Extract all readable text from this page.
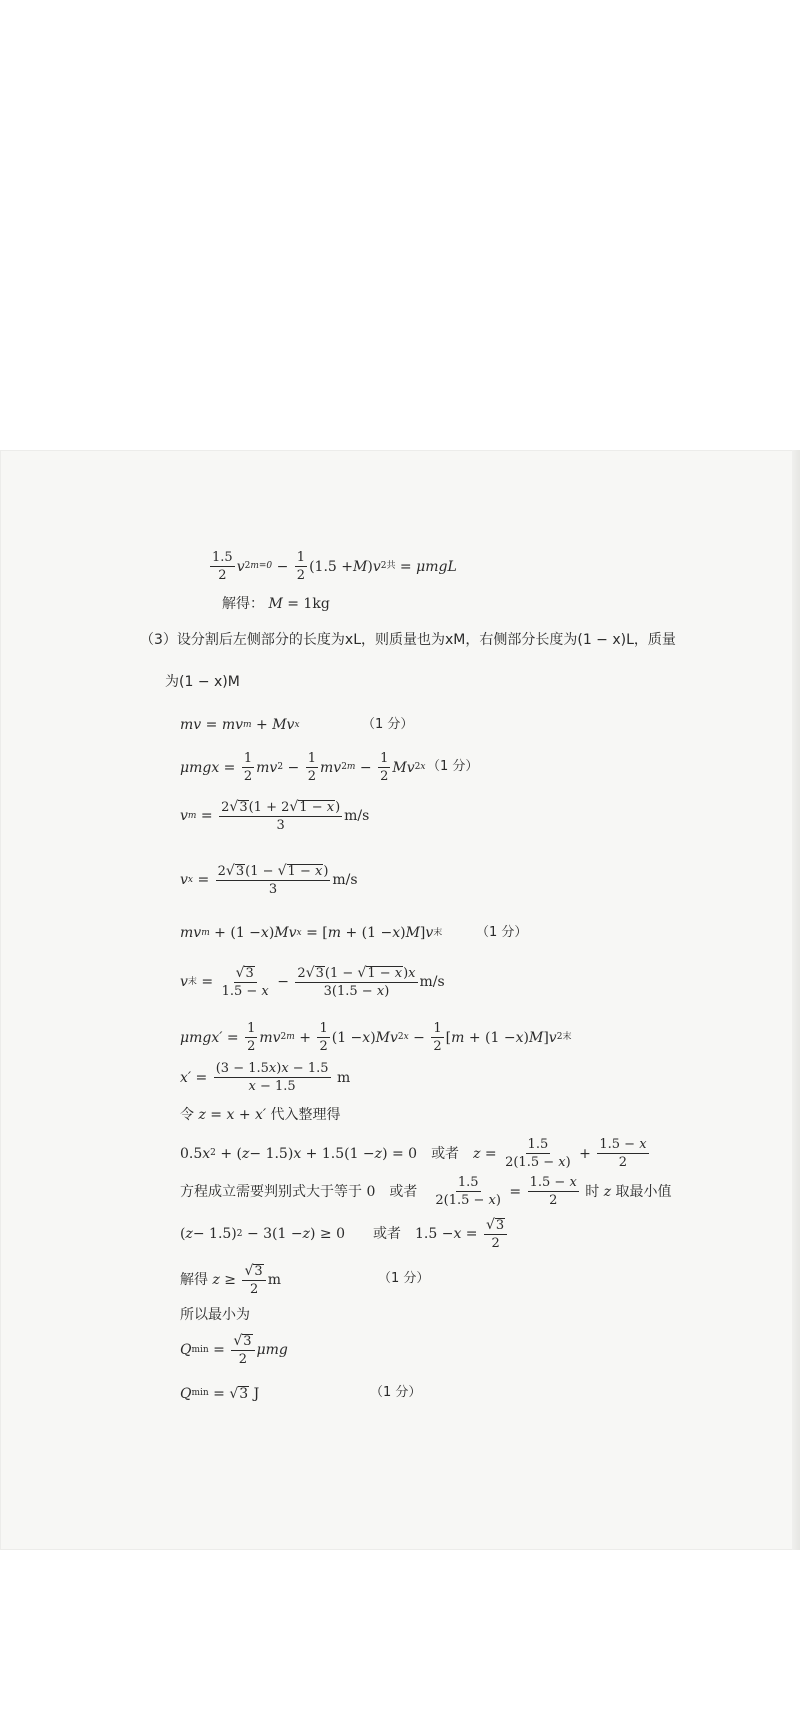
$\frac{1.5}{2}$ v 2 $m=0 - \frac{1}{2} (1.5 + M$ ) v 2 共 = μmgL
解得： M = 1kg
（3）设分割后左侧部分的长度为xL，则质量也为xM，右侧部分长度为(1 − x)L，质量
为(1 − x)M
mv = mv m + Mv x	（1 分）
$\mu mgx = \frac{1}{2}$ mv $2 - \frac{1}{2}$ mv 2 $m - \frac{1}{2}$ Mv 2 x （1 分）
v $m = \frac{2 √ 3 (1 + 2 √ 1 - x )}{3} m/s$
v $x = \frac{2 √ 3 (1 - √ 1 - x )}{3} m/s$
mv m + (1 − x ) Mv x = [ m + (1 − x ) M ] v 末	（1 分）
v 末 = $\frac{√ 3}{1.5 - x} - \frac{2 √ 3 (1 - √ 1 - x )x}{3(1.5 - x)} m/s$
$\mu mgx' = \frac{1}{2}$ mv 2 $m + \frac{1}{2} (1 - x$ ) Mv 2 $x - \frac{1}{2}$ [ m + (1 − x ) M ] v 2 末
$x' = \frac{(3 - 1.5x)x - 1.5}{x - 1.5}$ m
令 z = x + x′ 代入整理得
0.5 x 2 + ( z − 1.5) x + 1.5(1 − z ) = 0 或者 $z = \frac{1.5}{2(1.5 - x)} + \frac{1.5 - x}{2}$
方程成立需要判别式大于等于 0 或者 $\frac{1.5}{2(1.5 - x)} = \frac{1.5 - x}{2}$ 时 z 取最小值
( z − 1.5) 2 − 3(1 − z ) ≥ 0 或者 $1.5 - x = \frac{√ 3}{2}$
解得 $z \ge \frac{√ 3}{2}$ m	（1 分）
所以最小为
Q $\min = \frac{√ 3}{2}$ μmg
Q min = √ 3 J	（1 分）
